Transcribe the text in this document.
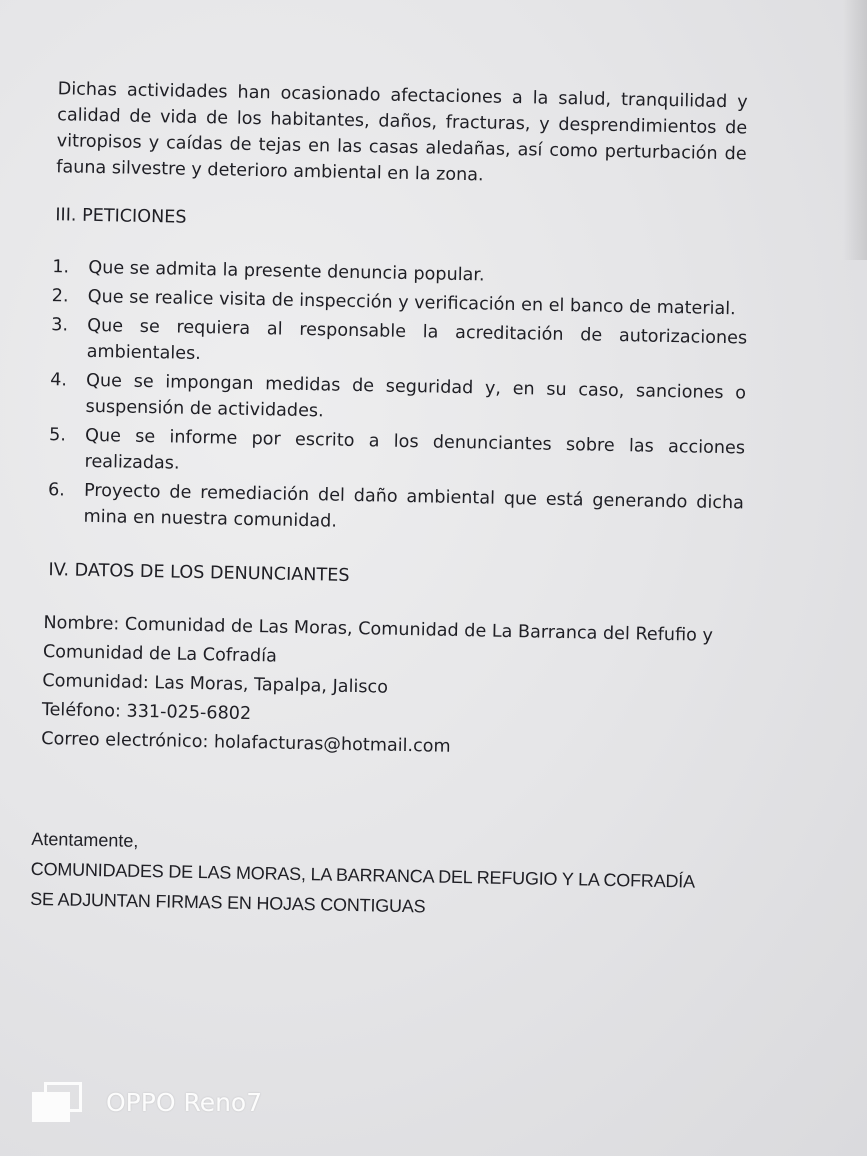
Dichas actividades han ocasionado afectaciones a la salud, tranquilidad y calidad de vida de los habitantes, daños, fracturas, y desprendimientos de vitropisos y caídas de tejas en las casas aledañas, así como perturbación de fauna silvestre y deterioro ambiental en la zona.

III. PETICIONES
1. Que se admita la presente denuncia popular.
2. Que se realice visita de inspección y verificación en el banco de material.
3. Que se requiera al responsable la acreditación de autorizaciones ambientales.
4. Que se impongan medidas de seguridad y, en su caso, sanciones o suspensión de actividades.
5. Que se informe por escrito a los denunciantes sobre las acciones realizadas.
6. Proyecto de remediación del daño ambiental que está generando dicha mina en nuestra comunidad.
IV. DATOS DE LOS DENUNCIANTES
Nombre: Comunidad de Las Moras, Comunidad de La Barranca del Refufio y Comunidad de La Cofradía
Comunidad: Las Moras, Tapalpa, Jalisco
Teléfono: 331-025-6802
Correo electrónico: holafacturas@hotmail.com
Atentamente,
COMUNIDADES DE LAS MORAS, LA BARRANCA DEL REFUGIO Y LA COFRADÍA
SE ADJUNTAN FIRMAS EN HOJAS CONTIGUAS
OPPO Reno7
